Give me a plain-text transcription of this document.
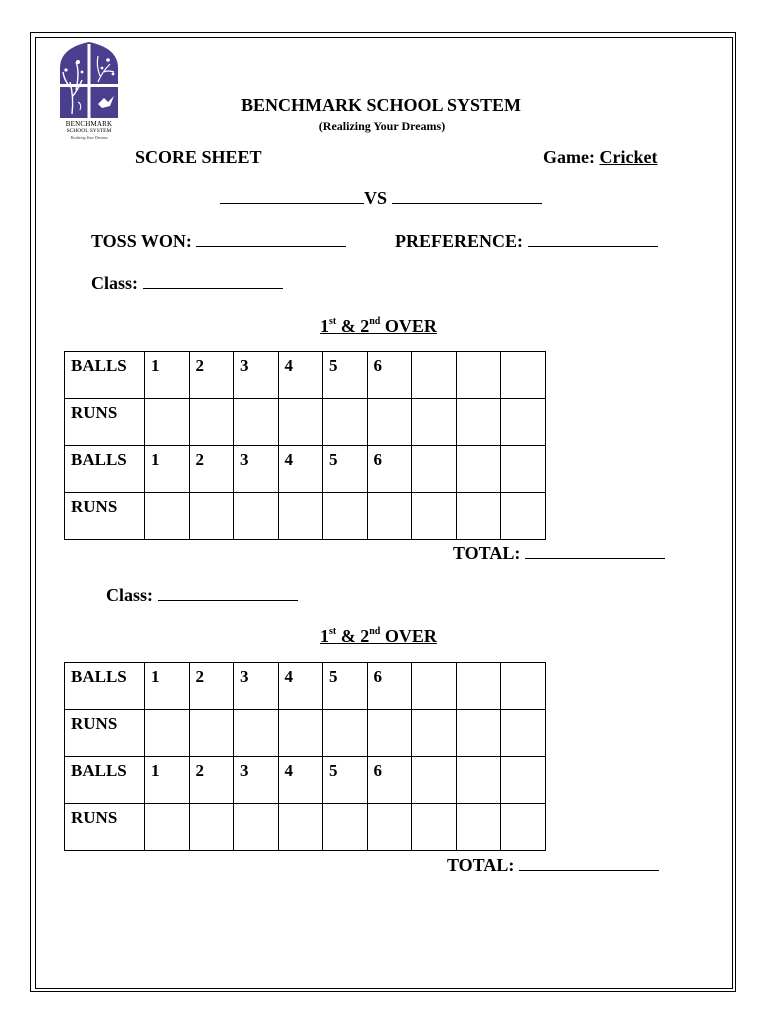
BENCHMARK
SCHOOL SYSTEM
Realizing Your Dreams
BENCHMARK SCHOOL SYSTEM
(Realizing Your Dreams)
SCORE SHEET	Game: Cricket
VS
TOSS WON:	PREFERENCE:
Class:
1st & 2nd OVER
BALLS	1	2	3	4	5	6			
RUNS									
BALLS	1	2	3	4	5	6			
RUNS									
TOTAL:
Class:
1st & 2nd OVER
BALLS	1	2	3	4	5	6			
RUNS									
BALLS	1	2	3	4	5	6			
RUNS									
TOTAL:
